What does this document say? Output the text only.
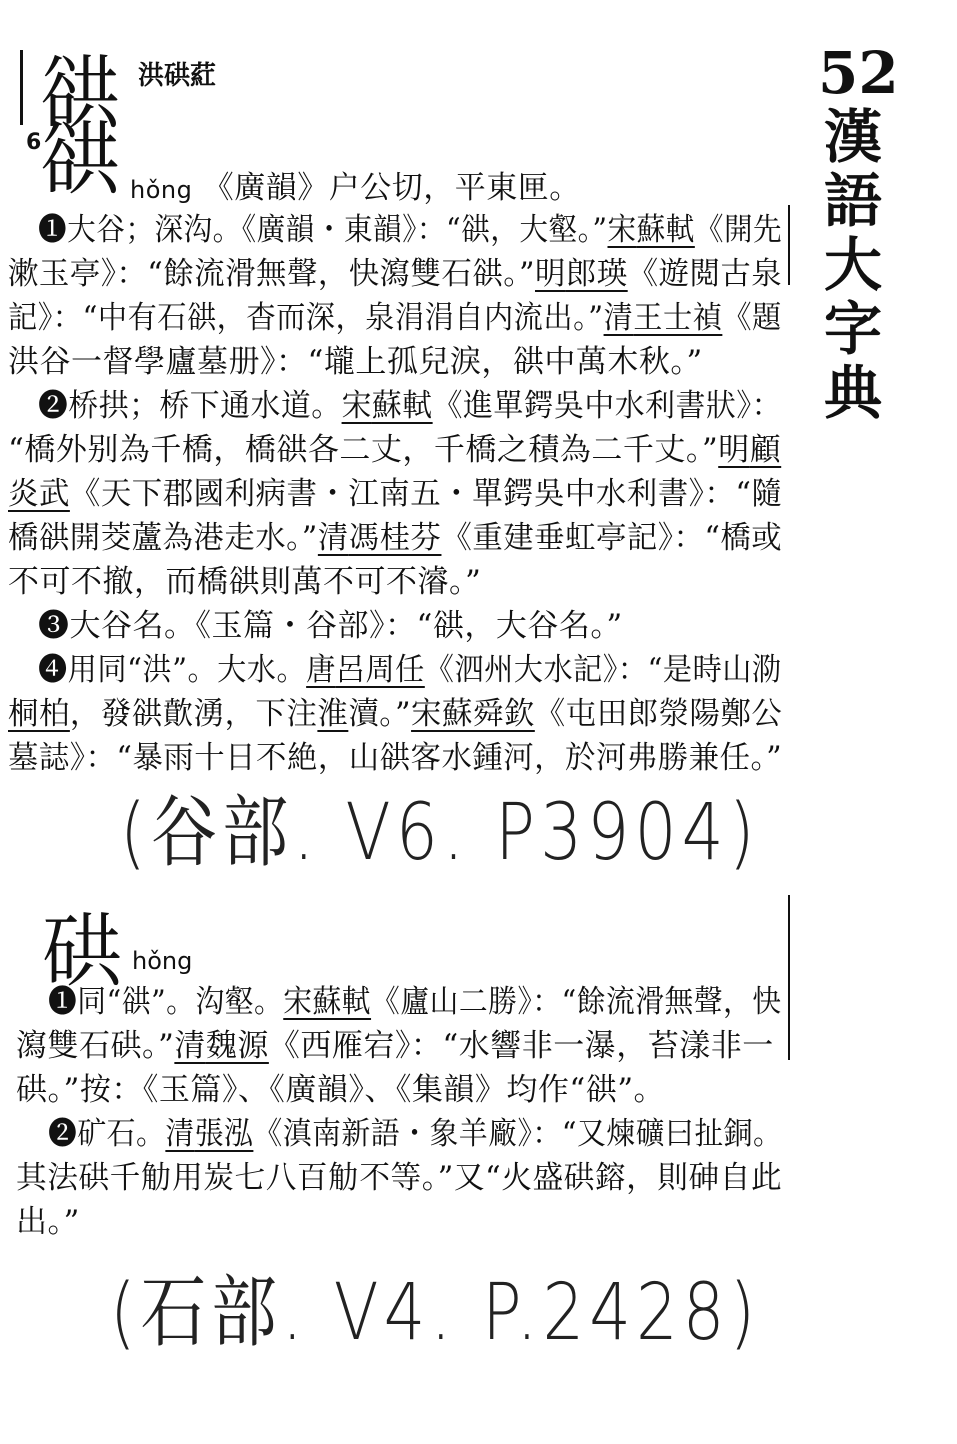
52
漢
語
大
字
典
洪硔葒
谼
6
谼 hǒng 《廣韻》户公切，平東匣。
❶大谷；深沟。《廣韻・東韻》：“谼，大壑。”宋蘇軾《開先
漱玉亭》：“餘流滑無聲，快瀉雙石谼。”明郎瑛《遊閲古泉
記》：“中有石谼，杳而深，泉涓涓自内流出。”清王士禎《題
洪谷一督學廬墓册》：“壠上孤兒淚，谼中萬木秋。”
❷桥拱；桥下通水道。宋蘇軾《進單鍔吳中水利書狀》：
“橋外别為千橋，橋谼各二丈，千橋之積為二千丈。”明顧
炎武《天下郡國利病書・江南五・單鍔吳中水利書》：“隨
橋谼開茭蘆為港走水。”清馮桂芬《重建垂虹亭記》：“橋或
不可不撤，而橋谼則萬不可不濬。”
❸大谷名。《玉篇・谷部》：“谼，大谷名。”
❹用同“洪”。大水。唐呂周任《泗州大水記》：“是時山泐
桐柏，發谼歕湧，下注淮瀆。”宋蘇舜欽《屯田郎滎陽鄭公
墓誌》：“暴雨十日不絶，山谼客水鍾河，於河弗勝兼任。”
(谷部. V6. P3904)
硔 hǒng
❶同“谼”。沟壑。宋蘇軾《廬山二勝》：“餘流滑無聲，快
瀉雙石硔。”清魏源《西雁宕》：“水響非一瀑，苔漾非一
硔。”按：《玉篇》、《廣韻》、《集韻》均作“谼”。
❷矿石。清張泓《滇南新語・象羊廠》：“又煉礦曰扯銅。
其法硔千觔用炭七八百觔不等。”又“火盛硔鎔，則砷自此
出。”
(石部. V4. P.2428)
